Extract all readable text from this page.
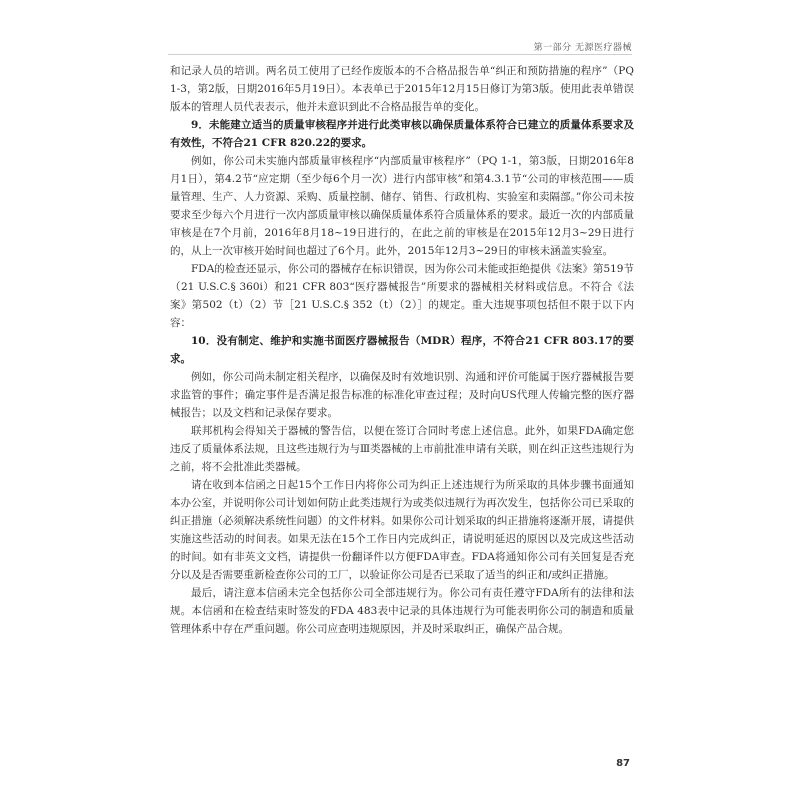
第一部分 无源医疗器械

和记录人员的培训。两名员工使用了已经作废版本的不合格品报告单“纠正和预防措施的程序”（PQ 1-3，第2版，日期2016年5月19日）。本表单已于2015年12月15日修订为第3版。使用此表单错误版本的管理人员代表表示，他并未意识到此不合格品报告单的变化。

9．未能建立适当的质量审核程序并进行此类审核以确保质量体系符合已建立的质量体系要求及有效性，不符合21 CFR 820.22的要求。

例如，你公司未实施内部质量审核程序“内部质量审核程序”（PQ 1-1，第3版，日期2016年8月1日），第4.2节“应定期（至少每6个月一次）进行内部审核”和第4.3.1节“公司的审核范围——质量管理、生产、人力资源、采购、质量控制、储存、销售、行政机构、实验室和卖隔部。”你公司未按要求至少每六个月进行一次内部质量审核以确保质量体系符合质量体系的要求。最近一次的内部质量审核是在7个月前，2016年8月18~19日进行的，在此之前的审核是在2015年12月3~29日进行的，从上一次审核开始时间也超过了6个月。此外，2015年12月3~29日的审核未涵盖实验室。

FDA的检查还显示，你公司的器械存在标识错误，因为你公司未能或拒绝提供《法案》第519节（21 U.S.C.§ 360i）和21 CFR 803“医疗器械报告”所要求的器械相关材料或信息。不符合《法案》第502（t）（2）节［21 U.S.C.§ 352（t）（2）］的规定。重大违规事项包括但不限于以下内容：

10．没有制定、维护和实施书面医疗器械报告（MDR）程序，不符合21 CFR 803.17的要求。

例如，你公司尚未制定相关程序，以确保及时有效地识别、沟通和评价可能属于医疗器械报告要求监管的事件；确定事件是否满足报告标准的标准化审查过程；及时向US代理人传输完整的医疗器械报告；以及文档和记录保存要求。

联邦机构会得知关于器械的警告信，以便在签订合同时考虑上述信息。此外，如果FDA确定您违反了质量体系法规，且这些违规行为与Ⅲ类器械的上市前批准申请有关联，则在纠正这些违规行为之前，将不会批准此类器械。

请在收到本信函之日起15个工作日内将你公司为纠正上述违规行为所采取的具体步骤书面通知本办公室，并说明你公司计划如何防止此类违规行为或类似违规行为再次发生，包括你公司已采取的纠正措施（必须解决系统性问题）的文件材料。如果你公司计划采取的纠正措施将逐渐开展，请提供实施这些活动的时间表。如果无法在15个工作日内完成纠正，请说明延迟的原因以及完成这些活动的时间。如有非英文文档，请提供一份翻译件以方便FDA审查。FDA将通知你公司有关回复是否充分以及是否需要重新检查你公司的工厂，以验证你公司是否已采取了适当的纠正和/或纠正措施。

最后，请注意本信函未完全包括你公司全部违规行为。你公司有责任遵守FDA所有的法律和法规。本信函和在检查结束时签发的FDA 483表中记录的具体违规行为可能表明你公司的制造和质量管理体系中存在严重问题。你公司应查明违规原因，并及时采取纠正，确保产品合规。

87
